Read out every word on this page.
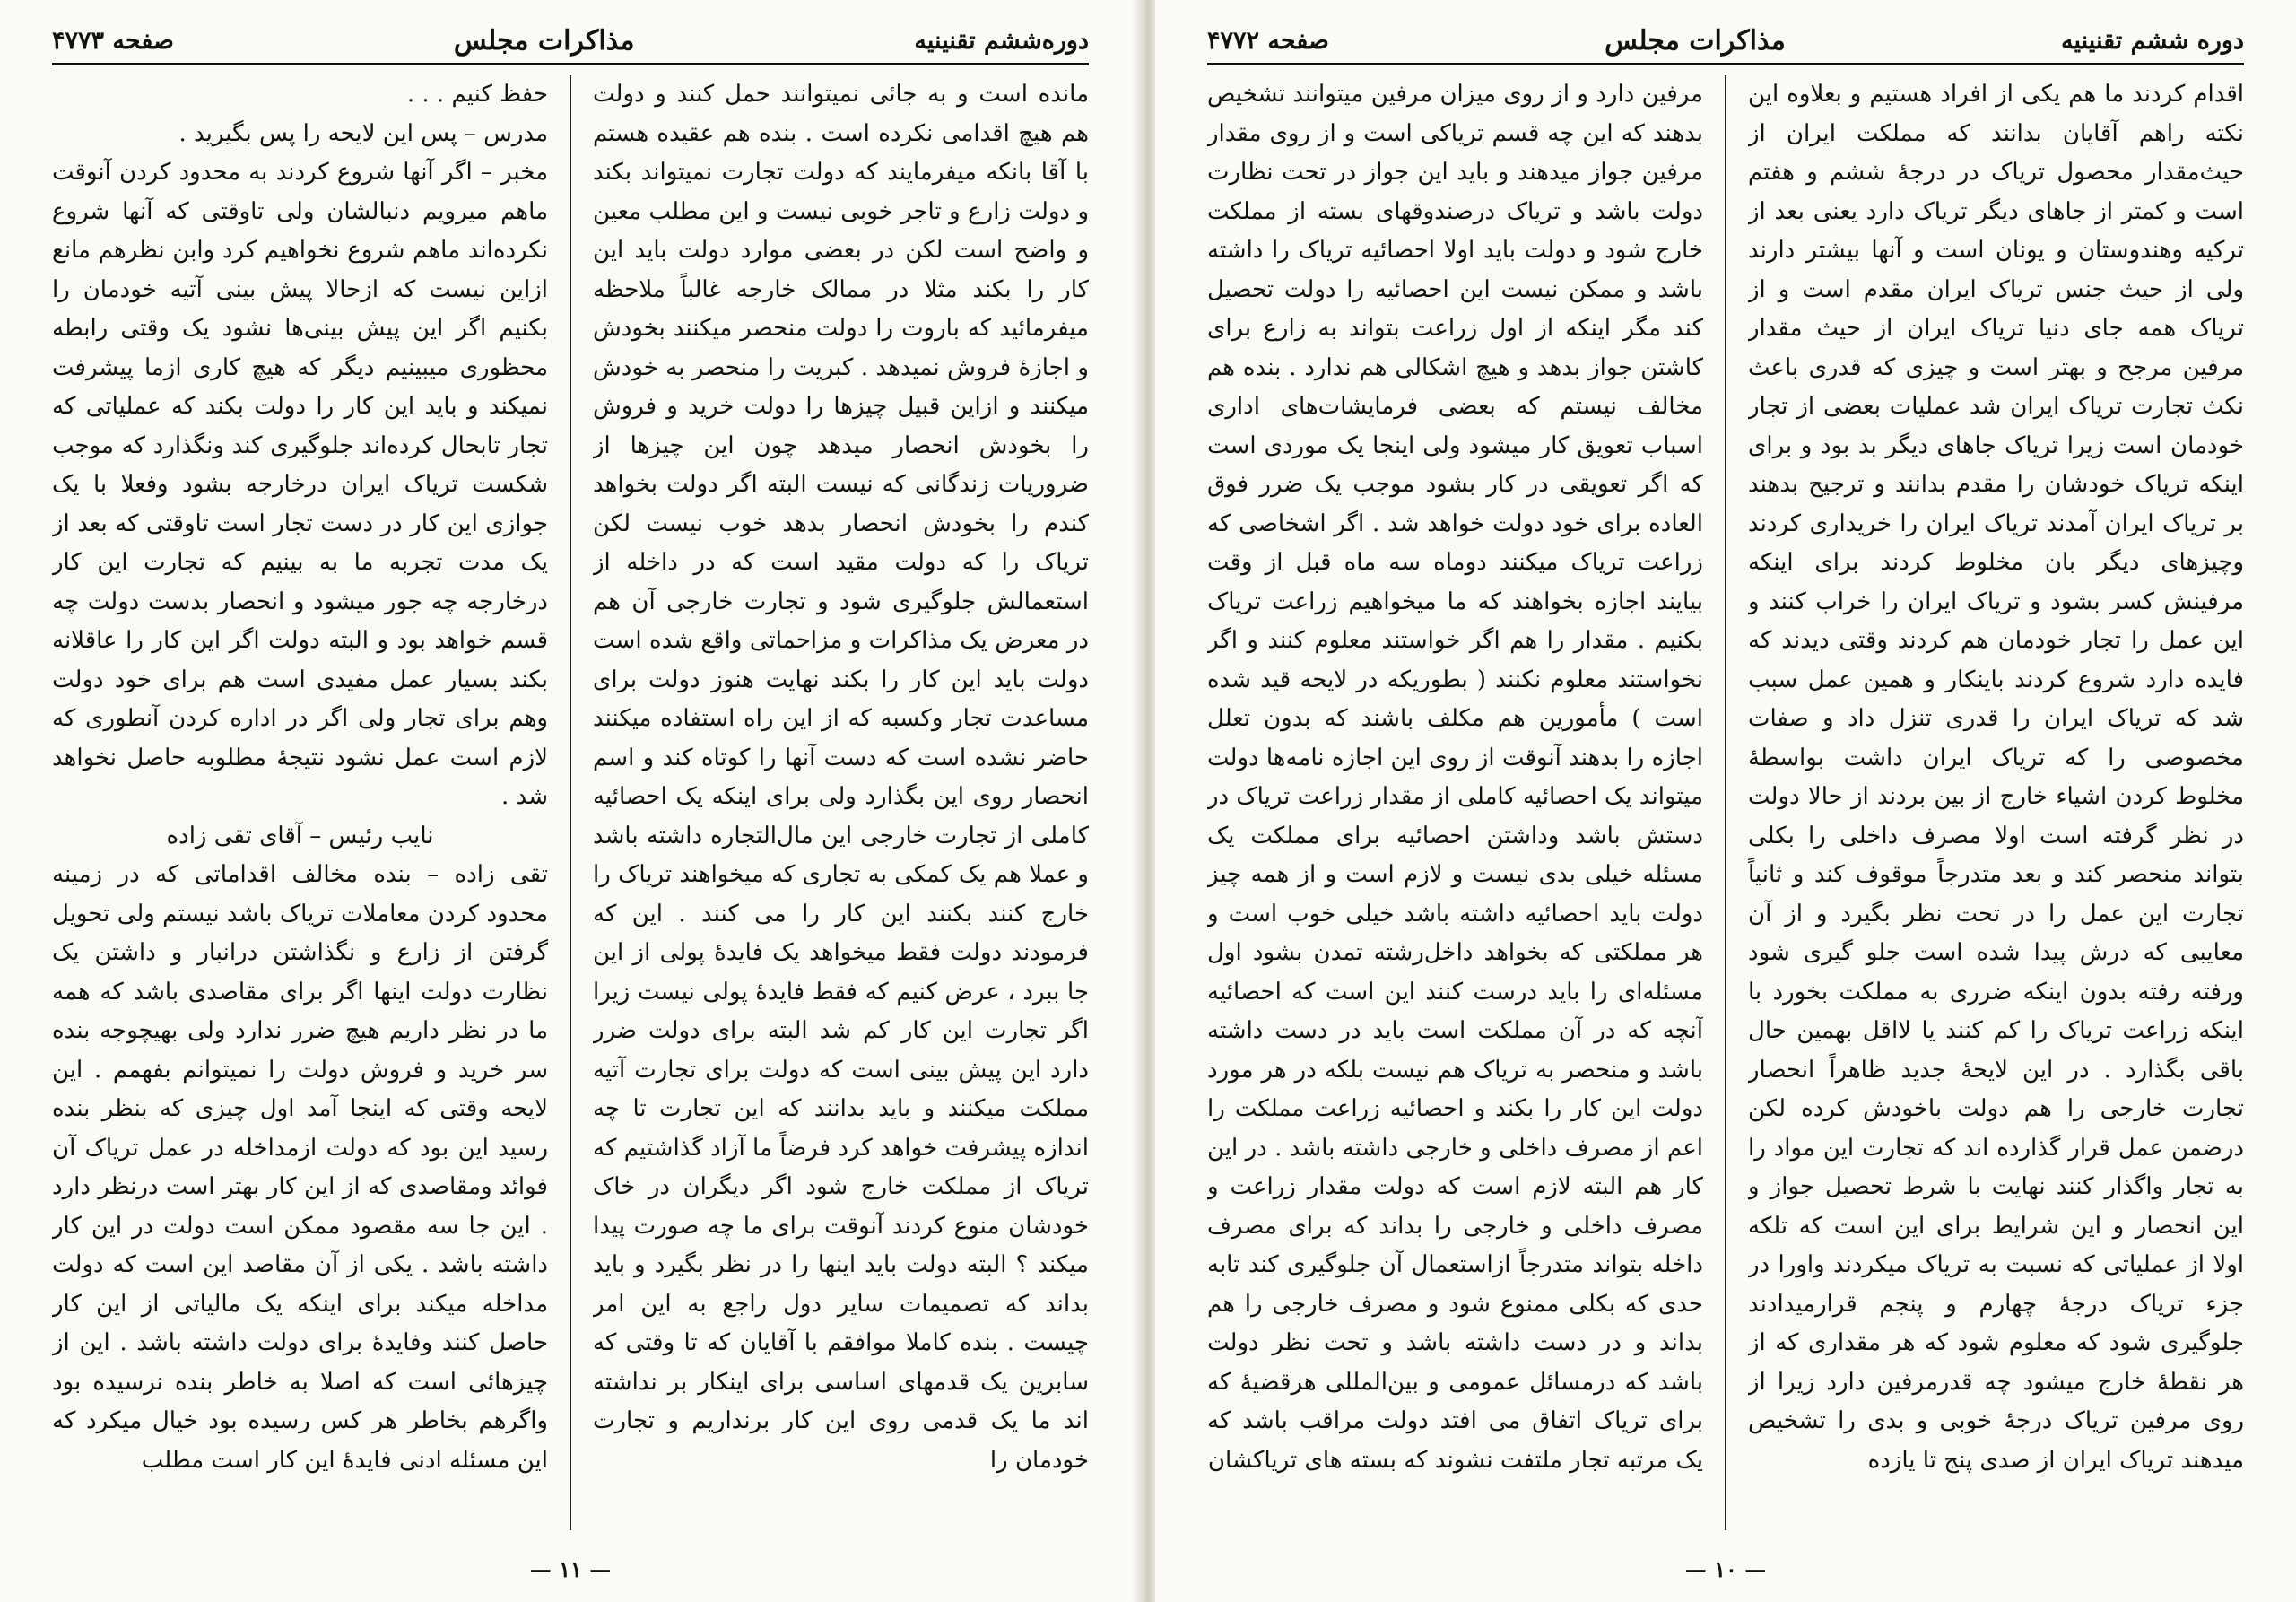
دوره‌ششم تقنینیه
مذاکرات مجلس
صفحه ۴۷۷۳

مانده است و به جائی نمیتوانند حمل کنند و دولت هم هیچ اقدامی نکرده است . بنده هم عقیده هستم با آقا بانکه میفرمایند که دولت تجارت نمیتواند بکند و دولت زارع و تاجر خوبی نیست و این مطلب معین و واضح است لکن در بعضی موارد دولت باید این کار را بکند مثلا در ممالک خارجه غالباً ملاحظه میفرمائید که باروت را دولت منحصر میکنند بخودش و اجازهٔ فروش نمیدهد . کبریت را منحصر به خودش میکنند و ازاین قبیل چیزها را دولت خرید و فروش را بخودش انحصار میدهد چون این چیزها از ضروریات زندگانی که نیست البته اگر دولت بخواهد کندم را بخودش انحصار بدهد خوب نیست لکن تریاک را که دولت مقید است که در داخله از استعمالش جلوگیری شود و تجارت خارجی آن هم در معرض یک مذاکرات و مزاحماتی واقع شده است دولت باید این کار را بکند نهایت هنوز دولت برای مساعدت تجار وکسبه که از این راه استفاده میکنند حاضر نشده است که دست آنها را کوتاه کند و اسم انحصار روی این بگذارد ولی برای اینکه یک احصائیه کاملی از تجارت خارجی این مال‌التجاره داشته باشد و عملا هم یک کمکی به تجاری که میخواهند تریاک را خارج کنند بکنند این کار را می کنند . این که فرمودند دولت فقط میخواهد یک فایدهٔ پولی از این جا ببرد ، عرض کنیم که فقط فایدهٔ پولی نیست زیرا اگر تجارت این کار کم شد البته برای دولت ضرر دارد این پیش بینی است که دولت برای تجارت آتیه مملکت میکنند و باید بدانند که این تجارت تا چه اندازه پیشرفت خواهد کرد فرضاً ما آزاد گذاشتیم که تریاک از مملکت خارج شود اگر دیگران در خاک خودشان منوع کردند آنوقت برای ما چه صورت پیدا میکند ؟ البته دولت باید اینها را در نظر بگیرد و باید بداند که تصمیمات سایر دول راجع به این امر چیست . بنده کاملا موافقم با آقایان که تا وقتی که سابرین یک قدمهای اساسی برای اینکار بر نداشته اند ما یک قدمی روی این کار برنداریم و تجارت خودمان را

حفظ کنیم . . .

مدرس – پس این لایحه را پس بگیرید .

مخبر – اگر آنها شروع کردند به محدود کردن آنوقت ماهم میرویم دنبالشان ولی تاوقتی که آنها شروع نکرده‌اند ماهم شروع نخواهیم کرد وابن نظرهم مانع ازاین نیست که ازحالا پیش بینی آتیه خودمان را بکنیم اگر این پیش بینی‌ها نشود یک وقتی رابطه محظوری میبینیم دیگر که هیچ کاری ازما پیشرفت نمیکند و باید این کار را دولت بکند که عملیاتی که تجار تابحال کرده‌اند جلوگیری کند ونگذارد که موجب شکست تریاک ایران درخارجه بشود وفعلا با یک جوازی این کار در دست تجار است تاوقتی که بعد از یک مدت تجربه ما به بینیم که تجارت این کار درخارجه چه جور میشود و انحصار بدست دولت چه قسم خواهد بود و البته دولت اگر این کار را عاقلانه بکند بسیار عمل مفیدی است هم برای خود دولت وهم برای تجار ولی اگر در اداره کردن آنطوری که لازم است عمل نشود نتیجهٔ مطلوبه حاصل نخواهد شد .

نایب رئیس – آقای تقی زاده

تقی زاده – بنده مخالف اقداماتی که در زمینه محدود کردن معاملات تریاک باشد نیستم ولی تحویل گرفتن از زارع و نگذاشتن درانبار و داشتن یک نظارت دولت اینها اگر برای مقاصدی باشد که همه ما در نظر داریم هیچ ضرر ندارد ولی بهیچوجه بنده سر خرید و فروش دولت را نمیتوانم بفهمم . این لایحه وقتی که اینجا آمد اول چیزی که بنظر بنده رسید این بود که دولت ازمداخله در عمل تریاک آن فوائد ومقاصدی که از این کار بهتر است درنظر دارد . این جا سه مقصود ممکن است دولت در این کار داشته باشد . یکی از آن مقاصد این است که دولت مداخله میکند برای اینکه یک مالیاتی از این کار حاصل کنند وفایدهٔ برای دولت داشته باشد . این از چیزهائی است که اصلا به خاطر بنده نرسیده بود واگرهم بخاطر هر کس رسیده بود خیال میکرد که این مسئله ادنی فایدهٔ این کار است مطلب

— ۱۱ —
دوره ششم تقنینیه
مذاکرات مجلس
صفحه ۴۷۷۲

اقدام کردند ما هم یکی از افراد هستیم و بعلاوه این نکته راهم آقایان بدانند که مملکت ایران از حیث‌مقدار محصول تریاک در درجهٔ ششم و هفتم است و کمتر از جاهای دیگر تریاک دارد یعنی بعد از ترکیه وهندوستان و یونان است و آنها بیشتر دارند ولی از حیث جنس تریاک ایران مقدم است و از تریاک همه جای دنیا تریاک ایران از حیث مقدار مرفین مرجح و بهتر است و چیزی که قدری باعث نکث تجارت تریاک ایران شد عملیات بعضی از تجار خودمان است زیرا تریاک جاهای دیگر بد بود و برای اینکه تریاک خودشان را مقدم بدانند و ترجیح بدهند بر تریاک ایران آمدند تریاک ایران را خریداری کردند وچیزهای دیگر بان مخلوط کردند برای اینکه مرفینش کسر بشود و تریاک ایران را خراب کنند و این عمل را تجار خودمان هم کردند وقتی دیدند که فایده دارد شروع کردند باینکار و همین عمل سبب شد که تریاک ایران را قدری تنزل داد و صفات مخصوصی را که تریاک ایران داشت بواسطهٔ مخلوط کردن اشیاء خارج از بین بردند از حالا دولت در نظر گرفته است اولا مصرف داخلی را بکلی بتواند منحصر کند و بعد متدرجاً موقوف کند و ثانیاً تجارت این عمل را در تحت نظر بگیرد و از آن معایبی که درش پیدا شده است جلو گیری شود ورفته رفته بدون اینکه ضرری به مملکت بخورد با اینکه زراعت تریاک را کم کنند یا لااقل بهمین حال باقی بگذارد . در این لایحهٔ جدید ظاهراً انحصار تجارت خارجی را هم دولت باخودش کرده لکن درضمن عمل قرار گذارده اند که تجارت این مواد را به تجار واگذار کنند نهایت با شرط تحصیل جواز و این انحصار و این شرایط برای این است که تلکه اولا از عملیاتی که نسبت به تریاک میکردند واورا در جزء تریاک درجهٔ چهارم و پنجم قرارمیدادند جلوگیری شود که معلوم شود که هر مقداری که از هر نقطهٔ خارج میشود چه قدرمرفین دارد زیرا از روی مرفین تریاک درجهٔ خوبی و بدی را تشخیص میدهند تریاک ایران از صدی پنج تا یازده

مرفین دارد و از روی میزان مرفین میتوانند تشخیص بدهند که این چه قسم تریاکی است و از روی مقدار مرفین جواز میدهند و باید این جواز در تحت نظارت دولت باشد و تریاک درصندوقهای بسته از مملکت خارج شود و دولت باید اولا احصائیه تریاک را داشته باشد و ممکن نیست این احصائیه را دولت تحصیل کند مگر اینکه از اول زراعت بتواند به زارع برای کاشتن جواز بدهد و هیچ اشکالی هم ندارد . بنده هم مخالف نیستم که بعضی فرمایشات‌های اداری اسباب تعویق کار میشود ولی اینجا یک موردی است که اگر تعویقی در کار بشود موجب یک ضرر فوق العاده برای خود دولت خواهد شد . اگر اشخاصی که زراعت تریاک میکنند دوماه سه ماه قبل از وقت بیایند اجازه بخواهند که ما میخواهیم زراعت تریاک بکنیم . مقدار را هم اگر خواستند معلوم کنند و اگر نخواستند معلوم نکنند ( بطوریکه در لایحه قید شده است ) مأمورین هم مکلف باشند که بدون تعلل اجازه را بدهند آنوقت از روی این اجازه نامه‌ها دولت میتواند یک احصائیه کاملی از مقدار زراعت تریاک در دستش باشد وداشتن احصائیه برای مملکت یک مسئله خیلی بدی نیست و لازم است و از همه چیز دولت باید احصائیه داشته باشد خیلی خوب است و هر مملکتی که بخواهد داخل‌رشته تمدن بشود اول مسئله‌ای را باید درست کنند این است که احصائیه آنچه که در آن مملکت است باید در دست داشته باشد و منحصر به تریاک هم نیست بلکه در هر مورد دولت این کار را بکند و احصائیه زراعت مملکت را اعم از مصرف داخلی و خارجی داشته باشد . در این کار هم البته لازم است که دولت مقدار زراعت و مصرف داخلی و خارجی را بداند که برای مصرف داخله بتواند متدرجاً ازاستعمال آن جلوگیری کند تابه حدی که بکلی ممنوع شود و مصرف خارجی را هم بداند و در دست داشته باشد و تحت نظر دولت باشد که درمسائل عمومی و بین‌المللی هرقضیهٔ که برای تریاک اتفاق می افتد دولت مراقب باشد که یک مرتبه تجار ملتفت نشوند که بسته های تریاکشان

— ۱۰ —
